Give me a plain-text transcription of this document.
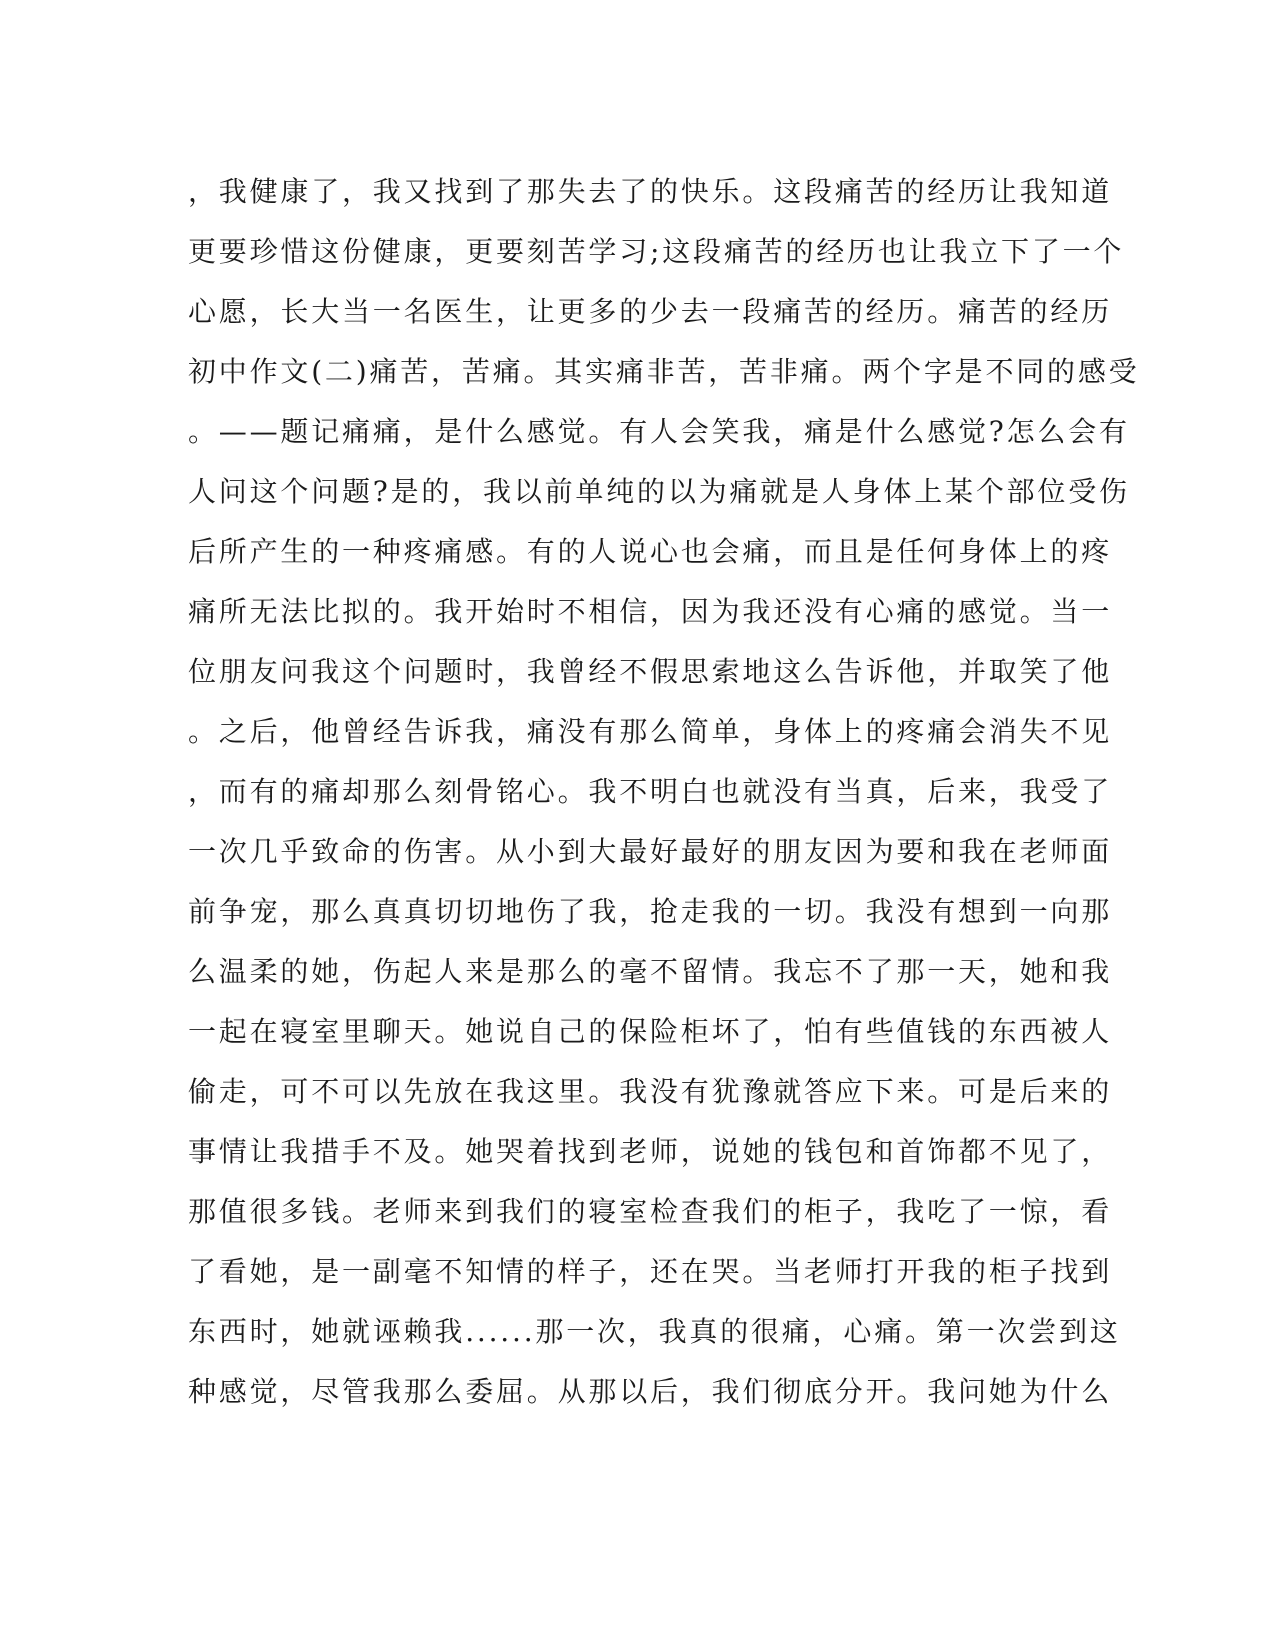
，我健康了，我又找到了那失去了的快乐。这段痛苦的经历让我知道
更要珍惜这份健康，更要刻苦学习;这段痛苦的经历也让我立下了一个
心愿，长大当一名医生，让更多的少去一段痛苦的经历。痛苦的经历
初中作文(二)痛苦，苦痛。其实痛非苦，苦非痛。两个字是不同的感受
。——题记痛痛，是什么感觉。有人会笑我，痛是什么感觉?怎么会有
人问这个问题?是的，我以前单纯的以为痛就是人身体上某个部位受伤
后所产生的一种疼痛感。有的人说心也会痛，而且是任何身体上的疼
痛所无法比拟的。我开始时不相信，因为我还没有心痛的感觉。当一
位朋友问我这个问题时，我曾经不假思索地这么告诉他，并取笑了他
。之后，他曾经告诉我，痛没有那么简单，身体上的疼痛会消失不见
，而有的痛却那么刻骨铭心。我不明白也就没有当真，后来，我受了
一次几乎致命的伤害。从小到大最好最好的朋友因为要和我在老师面
前争宠，那么真真切切地伤了我，抢走我的一切。我没有想到一向那
么温柔的她，伤起人来是那么的毫不留情。我忘不了那一天，她和我
一起在寝室里聊天。她说自己的保险柜坏了，怕有些值钱的东西被人
偷走，可不可以先放在我这里。我没有犹豫就答应下来。可是后来的
事情让我措手不及。她哭着找到老师，说她的钱包和首饰都不见了，
那值很多钱。老师来到我们的寝室检查我们的柜子，我吃了一惊，看
了看她，是一副毫不知情的样子，还在哭。当老师打开我的柜子找到
东西时，她就诬赖我......那一次，我真的很痛，心痛。第一次尝到这
种感觉，尽管我那么委屈。从那以后，我们彻底分开。我问她为什么
